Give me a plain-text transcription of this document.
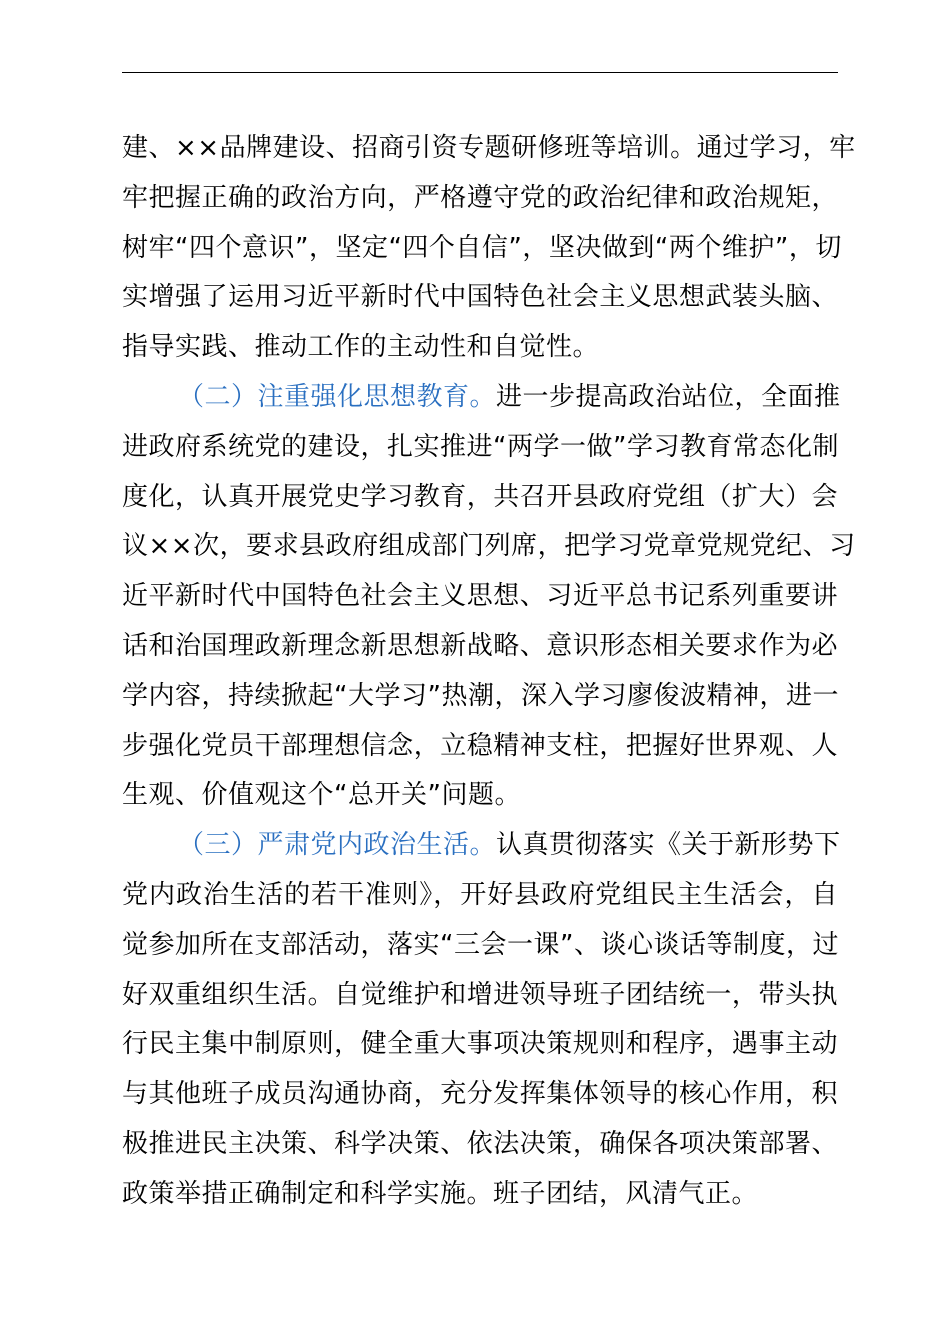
建、××品牌建设、招商引资专题研修班等培训。通过学习，牢
牢把握正确的政治方向，严格遵守党的政治纪律和政治规矩，
树牢“四个意识”，坚定“四个自信”，坚决做到“两个维护”，切
实增强了运用习近平新时代中国特色社会主义思想武装头脑、
指导实践、推动工作的主动性和自觉性。
（二）注重强化思想教育。进一步提高政治站位，全面推
进政府系统党的建设，扎实推进“两学一做”学习教育常态化制
度化，认真开展党史学习教育，共召开县政府党组（扩大）会
议××次，要求县政府组成部门列席，把学习党章党规党纪、习
近平新时代中国特色社会主义思想、习近平总书记系列重要讲
话和治国理政新理念新思想新战略、意识形态相关要求作为必
学内容，持续掀起“大学习”热潮，深入学习廖俊波精神，进一
步强化党员干部理想信念，立稳精神支柱，把握好世界观、人
生观、价值观这个“总开关”问题。
（三）严肃党内政治生活。认真贯彻落实《关于新形势下
党内政治生活的若干准则》，开好县政府党组民主生活会，自
觉参加所在支部活动，落实“三会一课”、谈心谈话等制度，过
好双重组织生活。自觉维护和增进领导班子团结统一，带头执
行民主集中制原则，健全重大事项决策规则和程序，遇事主动
与其他班子成员沟通协商，充分发挥集体领导的核心作用，积
极推进民主决策、科学决策、依法决策，确保各项决策部署、
政策举措正确制定和科学实施。班子团结，风清气正。
